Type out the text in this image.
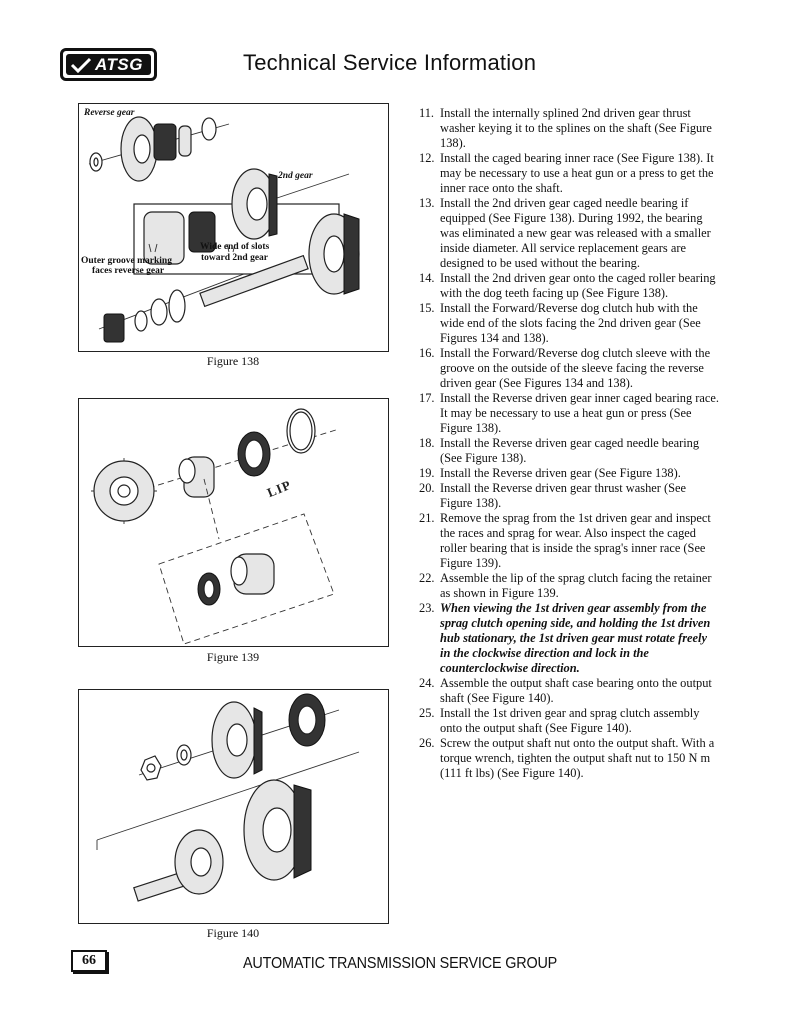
ATSG	Technical Service Information
Reverse gear
2nd gear
Wide end of slots
toward 2nd gear
Outer groove marking
faces reverse gear
Figure 138
LIP
Figure 139
Figure 140
11. Install the internally splined 2nd driven gear thrust washer keying it to the splines on the shaft (See Figure 138).
12. Install the caged bearing inner race (See Figure 138). It may be necessary to use a heat gun or a press to get the inner race onto the shaft.
13. Install the 2nd driven gear caged needle bearing if equipped (See Figure 138). During 1992, the bearing was eliminated a new gear was released with a smaller inside diameter. All service replacement gears are designed to be used without the bearing.
14. Install the 2nd driven gear onto the caged roller bearing with the dog teeth facing up (See Figure 138).
15. Install the Forward/Reverse dog clutch hub with the wide end of the slots facing the 2nd driven gear (See Figures 134 and 138).
16. Install the Forward/Reverse dog clutch sleeve with the groove on the outside of the sleeve facing the reverse driven gear (See Figures 134 and 138).
17. Install the Reverse driven gear inner caged bearing race. It may be necessary to use a heat gun or press (See Figure 138).
18. Install the Reverse driven gear caged needle bearing (See Figure 138).
19. Install the Reverse driven gear (See Figure 138).
20. Install the Reverse driven gear thrust washer (See Figure 138).
21. Remove the sprag from the 1st driven gear and inspect the races and sprag for wear. Also inspect the caged roller bearing that is inside the sprag's inner race (See Figure 139).
22. Assemble the lip of the sprag clutch facing the retainer as shown in Figure 139.
23. When viewing the 1st driven gear assembly from the sprag clutch opening side, and holding the 1st driven hub stationary, the 1st driven gear must rotate freely in the clockwise direction and lock in the counterclockwise direction.
24. Assemble the output shaft case bearing onto the output shaft (See Figure 140).
25. Install the 1st driven gear and sprag clutch assembly onto the output shaft (See Figure 140).
26. Screw the output shaft nut onto the output shaft. With a torque wrench, tighten the output shaft nut to 150 N m (111 ft lbs) (See Figure 140).
66	AUTOMATIC TRANSMISSION SERVICE GROUP
